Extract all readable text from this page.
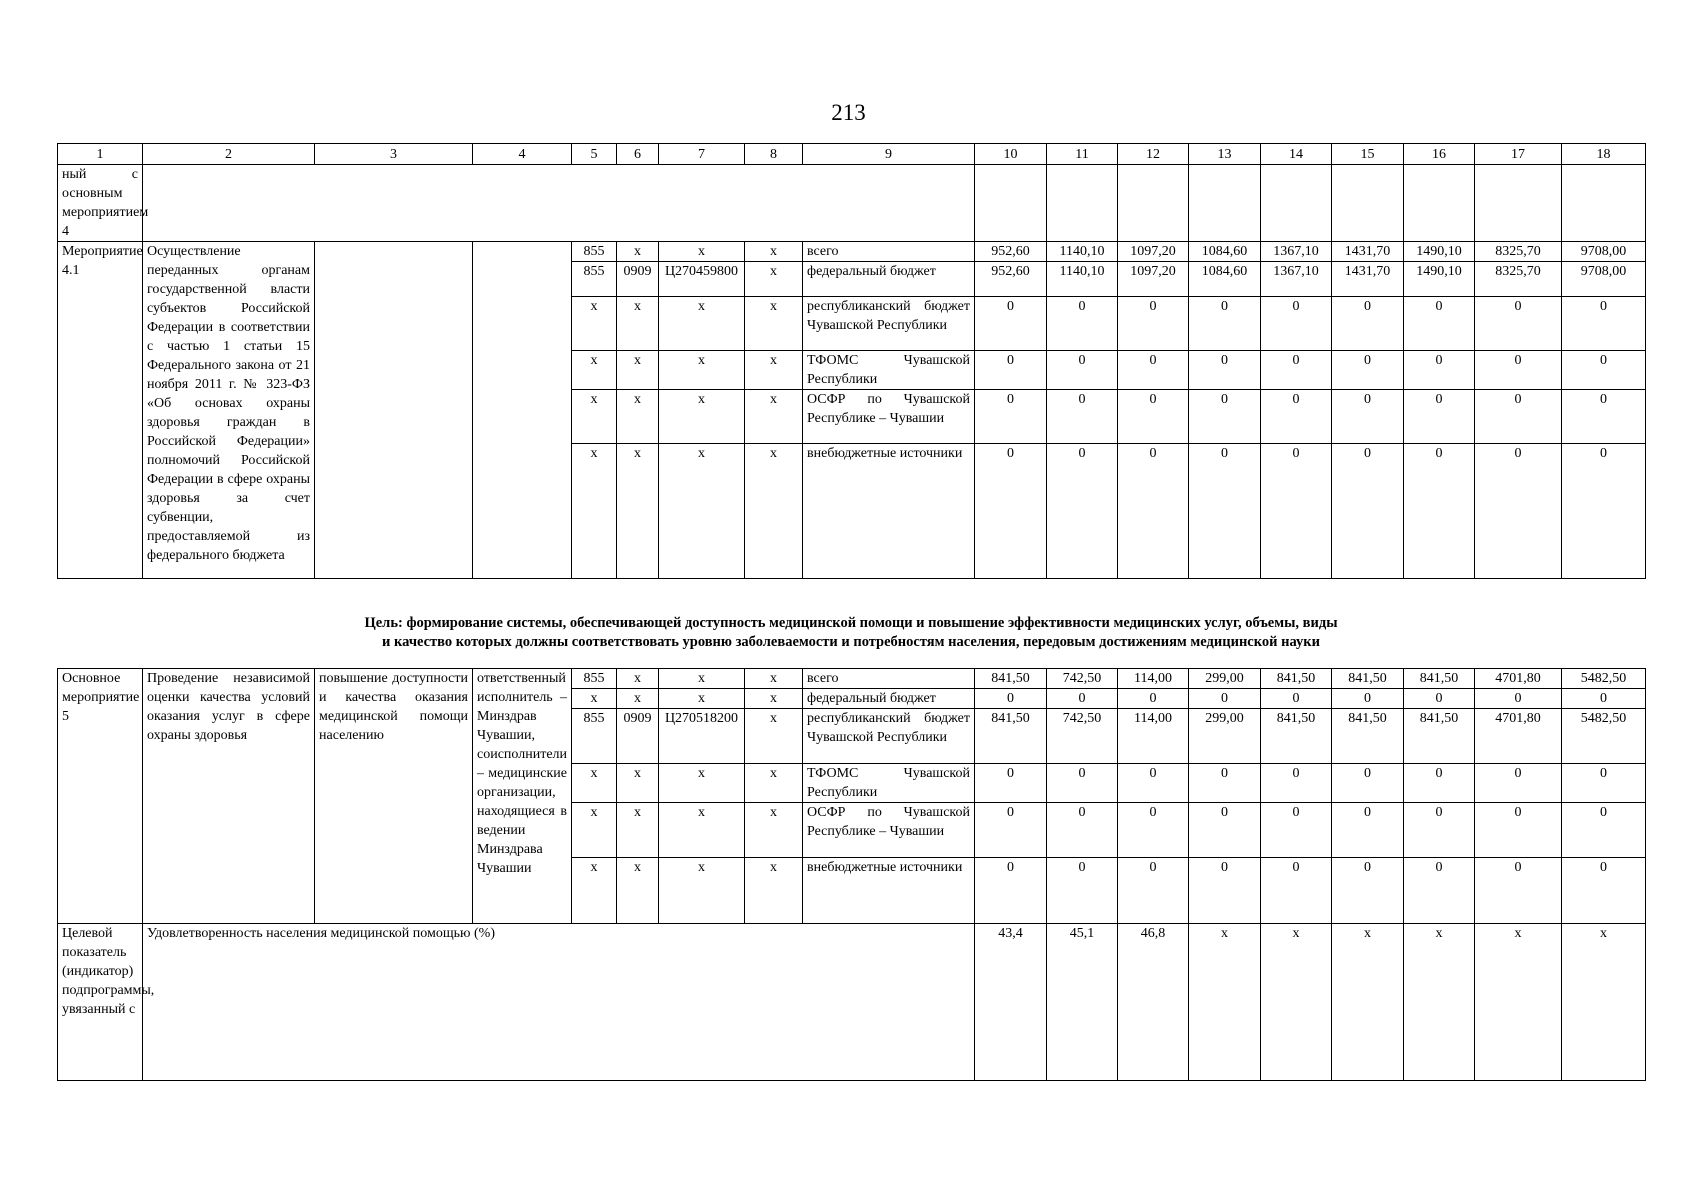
213
1	2	3	4	5	6	7	8	9	10	11	12	13	14	15	16	17	18
ный с основным мероприятием 4																	
Мероприятие 4.1	Осуществление переданных органам государственной власти субъектов Российской Федерации в соответствии с частью 1 статьи 15 Федерального закона от 21 ноября 2011 г. № 323-ФЗ «Об основах охраны здоровья граждан в Российской Федерации» полномочий Российской Федерации в сфере охраны здоровья за счет субвенции, предоставляемой из федерального бюджета			855	х	х	х	всего	952,60	1140,10	1097,20	1084,60	1367,10	1431,70	1490,10	8325,70	9708,00
				855	0909	Ц270459800	х	федеральный бюджет	952,60	1140,10	1097,20	1084,60	1367,10	1431,70	1490,10	8325,70	9708,00
				х	х	х	х	республиканский бюджет Чувашской Республики	0	0	0	0	0	0	0	0	0
				х	х	х	х	ТФОМС Чувашской Республики	0	0	0	0	0	0	0	0	0
				х	х	х	х	ОСФР по Чувашской Республике – Чувашии	0	0	0	0	0	0	0	0	0
				х	х	х	х	внебюджетные источники	0	0	0	0	0	0	0	0	0
Цель: формирование системы, обеспечивающей доступность медицинской помощи и повышение эффективности медицинских услуг, объемы, виды
и качество которых должны соответствовать уровню заболеваемости и потребностям населения, передовым достижениям медицинской науки
Основное мероприятие 5	Проведение независимой оценки качества условий оказания услуг в сфере охраны здоровья	повышение доступности и качества оказания медицинской помощи населению	ответственный исполнитель – Минздрав Чувашии, соисполнители – медицинские организации, находящиеся в ведении Минздрава Чувашии	855	х	х	х	всего	841,50	742,50	114,00	299,00	841,50	841,50	841,50	4701,80	5482,50
				х	х	х	х	федеральный бюджет	0	0	0	0	0	0	0	0	0
				855	0909	Ц270518200	х	республиканский бюджет Чувашской Республики	841,50	742,50	114,00	299,00	841,50	841,50	841,50	4701,80	5482,50
				х	х	х	х	ТФОМС Чувашской Республики	0	0	0	0	0	0	0	0	0
				х	х	х	х	ОСФР по Чувашской Республике – Чувашии	0	0	0	0	0	0	0	0	0
				х	х	х	х	внебюджетные источники	0	0	0	0	0	0	0	0	0
Целевой показатель (индикатор) подпрограммы, увязанный с	Удовлетворенность населения медицинской помощью (%)								43,4	45,1	46,8	х	х	х	х	х	х
